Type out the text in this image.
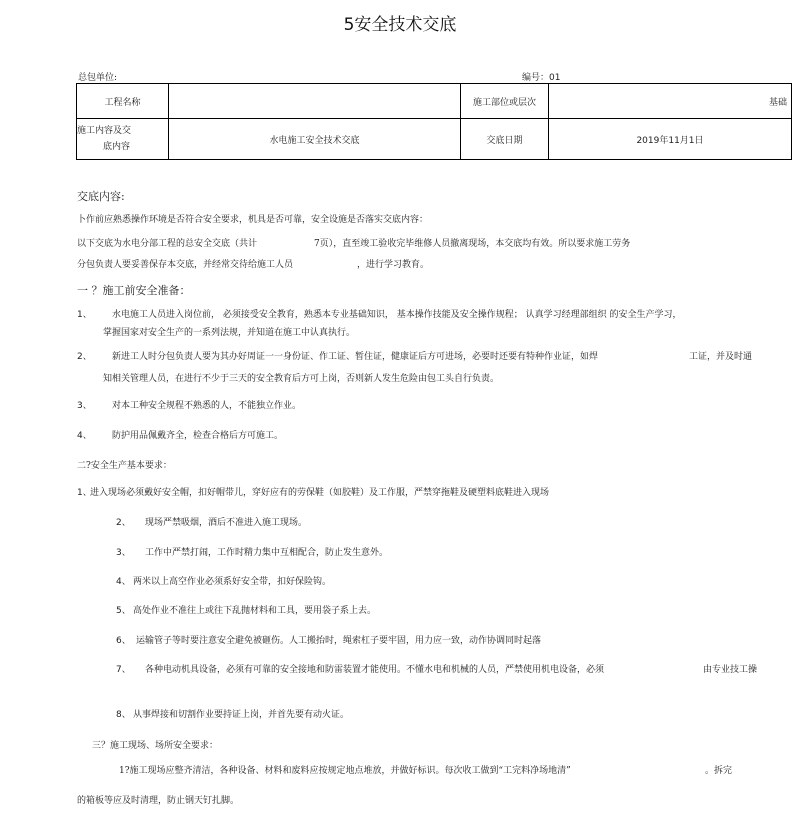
5安全技术交底
总包单位:	编号：01
工程名称		施工部位或层次	基础

施工内容及交
底内容	水电施工安全技术交底	交底日期	2019年11月1日
交底内容:
卜作前应熟悉操作环境是否符合安全要求，机具是否可靠，安全设施是否落实交底内容：
以下交底为水电分部工程的总安全交底（共计	7页），直至竣工验收完毕维修人员撤离现场，本交底均有效。所以要求施工劳务
分包负责人要妥善保存本交底，并经常交待给施工人员	，进行学习教育。
一 ？施工前安全准备：
1、 水电施工人员进入岗位前， 必须接受安全教育，熟悉本专业基础知识， 基本操作技能及安全操作规程； 认真学习经理部组织 的安全生产学习，
掌握国家对安全生产的一系列法规，并知道在施工中认真执行。
2、 新进工人时分包负责人要为其办好周证一一身份证、作工证、暂住证，健康证后方可进场，必要时还要有特种作业证，如焊	工证，并及时通
知相关管理人员，在进行不少于三天的安全教育后方可上岗，否则新人发生危险由包工头自行负责。
3、 对本工种安全规程不熟悉的人，不能独立作业。
4、 防护用品佩戴齐全，检查合格后方可施工。
二?安全生产基本要求：
1、
进入现场必须戴好安全帽，扣好帽带儿，穿好应有的劳保鞋（如胶鞋）及工作服，严禁穿拖鞋及硬塑料底鞋进入现场
2、 现场严禁吸烟，酒后不准进入施工现场。
3、 工作中严禁打闹，工作时精力集中互相配合，防止发生意外。
4、 两米以上高空作业必须系好安全带，扣好保险钩。
5、 高处作业不准往上或往下乱抛材料和工具，要用袋子系上去。
6、 运输管子等时要注意安全避免被砸伤。人工搬抬时，绳索杠子要牢固，用力应一致，动作协调同时起落
7、 各种电动机具设备，必须有可靠的安全接地和防雷装置才能使用。不懂水电和机械的人员，严禁使用机电设备，必须	由专业技工操
8、 从事焊接和切割作业要持证上岗，并首先要有动火证。
三？施工现场、场所安全要求：
1?施工现场应整齐清洁，各种设备、材料和废料应按规定地点堆放，并做好标识。每次收工做到“工完料净场地清”	。拆完
的箱板等应及时清理，防止钢天钉扎脚。
